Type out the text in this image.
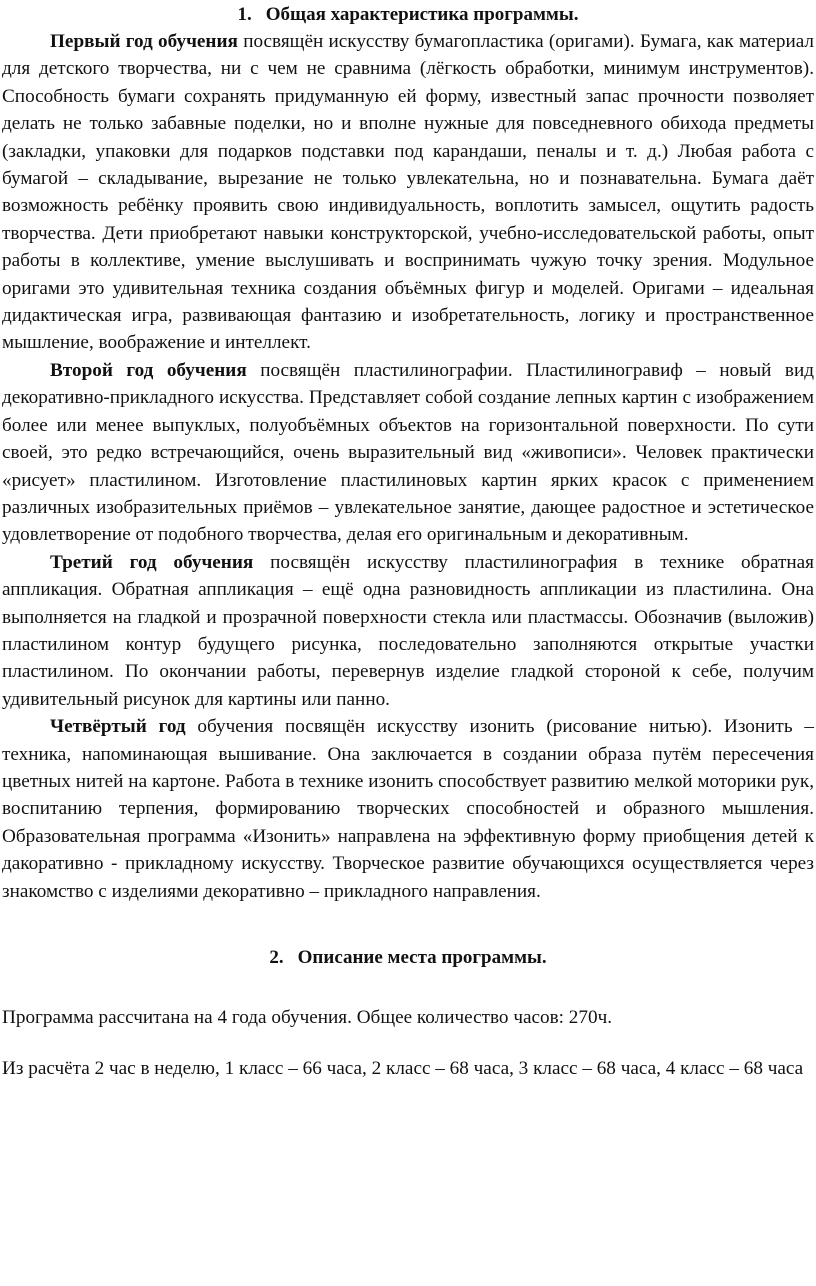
1. Общая характеристика программы.

Первый год обучения посвящён искусству бумагопластика (оригами). Бумага, как материал для детского творчества, ни с чем не сравнима (лёгкость обработки, минимум инструментов). Способность бумаги сохранять придуманную ей форму, известный запас прочности позволяет делать не только забавные поделки, но и вполне нужные для повседневного обихода предметы (закладки, упаковки для подарков подставки под карандаши, пеналы и т. д.) Любая работа с бумагой – складывание, вырезание не только увлекательна, но и познавательна. Бумага даёт возможность ребёнку проявить свою индивидуальность, воплотить замысел, ощутить радость творчества. Дети приобретают навыки конструкторской, учебно-исследовательской работы, опыт работы в коллективе, умение выслушивать и воспринимать чужую точку зрения. Модульное оригами это удивительная техника создания объёмных фигур и моделей. Оригами – идеальная дидактическая игра, развивающая фантазию и изобретательность, логику и пространственное мышление, воображение и интеллект.

Второй год обучения посвящён пластилинографии. Пластилиногравиф – новый вид декоративно-прикладного искусства. Представляет собой создание лепных картин с изображением более или менее выпуклых, полуобъёмных объектов на горизонтальной поверхности. По сути своей, это редко встречающийся, очень выразительный вид «живописи». Человек практически «рисует» пластилином. Изготовление пластилиновых картин ярких красок с применением различных изобразительных приёмов – увлекательное занятие, дающее радостное и эстетическое удовлетворение от подобного творчества, делая его оригинальным и декоративным.

Третий год обучения посвящён искусству пластилинография в технике обратная аппликация. Обратная аппликация – ещё одна разновидность аппликации из пластилина. Она выполняется на гладкой и прозрачной поверхности стекла или пластмассы. Обозначив (выложив) пластилином контур будущего рисунка, последовательно заполняются открытые участки пластилином. По окончании работы, перевернув изделие гладкой стороной к себе, получим удивительный рисунок для картины или панно.

Четвёртый год обучения посвящён искусству изонить (рисование нитью). Изонить – техника, напоминающая вышивание. Она заключается в создании образа путём пересечения цветных нитей на картоне. Работа в технике изонить способствует развитию мелкой моторики рук, воспитанию терпения, формированию творческих способностей и образного мышления. Образовательная программа «Изонить» направлена на эффективную форму приобщения детей к дакоративно - прикладному искусству. Творческое развитие обучающихся осуществляется через знакомство с изделиями декоративно – прикладного направления.

2. Описание места программы.

Программа рассчитана на 4 года обучения. Общее количество часов: 270ч.

Из расчёта 2 час в неделю, 1 класс – 66 часа, 2 класс – 68 часа, 3 класс – 68 часа, 4 класс – 68 часа
